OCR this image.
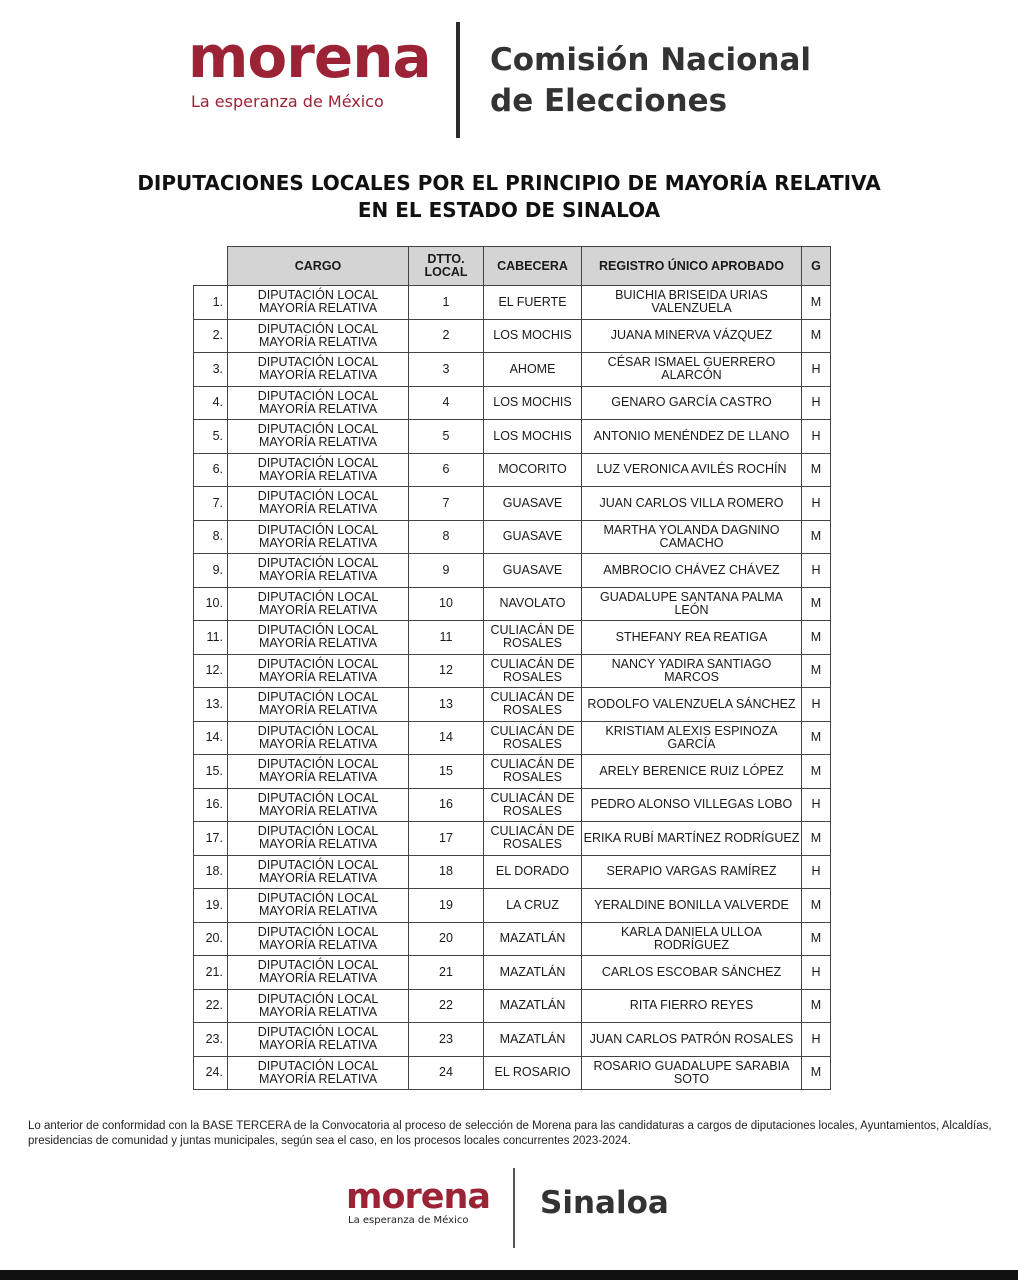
morena
La esperanza de México
Comisión Nacional
de Elecciones
DIPUTACIONES LOCALES POR EL PRINCIPIO DE MAYORÍA RELATIVA
EN EL ESTADO DE SINALOA
	CARGO	DTTO. LOCAL	CABECERA	REGISTRO ÚNICO APROBADO	G
1.	DIPUTACIÓN LOCAL MAYORÍA RELATIVA	1	EL FUERTE	BUICHIA BRISEIDA URIAS VALENZUELA	M
2.	DIPUTACIÓN LOCAL MAYORÍA RELATIVA	2	LOS MOCHIS	JUANA MINERVA VÁZQUEZ	M
3.	DIPUTACIÓN LOCAL MAYORÍA RELATIVA	3	AHOME	CÉSAR ISMAEL GUERRERO ALARCÓN	H
4.	DIPUTACIÓN LOCAL MAYORÍA RELATIVA	4	LOS MOCHIS	GENARO GARCÍA CASTRO	H
5.	DIPUTACIÓN LOCAL MAYORÍA RELATIVA	5	LOS MOCHIS	ANTONIO MENÉNDEZ DE LLANO	H
6.	DIPUTACIÓN LOCAL MAYORÍA RELATIVA	6	MOCORITO	LUZ VERONICA AVILÉS ROCHÍN	M
7.	DIPUTACIÓN LOCAL MAYORÍA RELATIVA	7	GUASAVE	JUAN CARLOS VILLA ROMERO	H
8.	DIPUTACIÓN LOCAL MAYORÍA RELATIVA	8	GUASAVE	MARTHA YOLANDA DAGNINO CAMACHO	M
9.	DIPUTACIÓN LOCAL MAYORÍA RELATIVA	9	GUASAVE	AMBROCIO CHÁVEZ CHÁVEZ	H
10.	DIPUTACIÓN LOCAL MAYORÍA RELATIVA	10	NAVOLATO	GUADALUPE SANTANA PALMA LEÓN	M
11.	DIPUTACIÓN LOCAL MAYORÍA RELATIVA	11	CULIACÁN DE ROSALES	STHEFANY REA REATIGA	M
12.	DIPUTACIÓN LOCAL MAYORÍA RELATIVA	12	CULIACÁN DE ROSALES	NANCY YADIRA SANTIAGO MARCOS	M
13.	DIPUTACIÓN LOCAL MAYORÍA RELATIVA	13	CULIACÁN DE ROSALES	RODOLFO VALENZUELA SÁNCHEZ	H
14.	DIPUTACIÓN LOCAL MAYORÍA RELATIVA	14	CULIACÁN DE ROSALES	KRISTIAM ALEXIS ESPINOZA GARCÍA	M
15.	DIPUTACIÓN LOCAL MAYORÍA RELATIVA	15	CULIACÁN DE ROSALES	ARELY BERENICE RUIZ LÓPEZ	M
16.	DIPUTACIÓN LOCAL MAYORÍA RELATIVA	16	CULIACÁN DE ROSALES	PEDRO ALONSO VILLEGAS LOBO	H
17.	DIPUTACIÓN LOCAL MAYORÍA RELATIVA	17	CULIACÁN DE ROSALES	ERIKA RUBÍ MARTÍNEZ RODRÍGUEZ	M
18.	DIPUTACIÓN LOCAL MAYORÍA RELATIVA	18	EL DORADO	SERAPIO VARGAS RAMÍREZ	H
19.	DIPUTACIÓN LOCAL MAYORÍA RELATIVA	19	LA CRUZ	YERALDINE BONILLA VALVERDE	M
20.	DIPUTACIÓN LOCAL MAYORÍA RELATIVA	20	MAZATLÁN	KARLA DANIELA ULLOA RODRÍGUEZ	M
21.	DIPUTACIÓN LOCAL MAYORÍA RELATIVA	21	MAZATLÁN	CARLOS ESCOBAR SÁNCHEZ	H
22.	DIPUTACIÓN LOCAL MAYORÍA RELATIVA	22	MAZATLÁN	RITA FIERRO REYES	M
23.	DIPUTACIÓN LOCAL MAYORÍA RELATIVA	23	MAZATLÁN	JUAN CARLOS PATRÓN ROSALES	H
24.	DIPUTACIÓN LOCAL MAYORÍA RELATIVA	24	EL ROSARIO	ROSARIO GUADALUPE SARABIA SOTO	M
Lo anterior de conformidad con la BASE TERCERA de la Convocatoria al proceso de selección de Morena para las candidaturas a cargos de diputaciones locales, Ayuntamientos, Alcaldías, presidencias de comunidad y juntas municipales, según sea el caso, en los procesos locales concurrentes 2023-2024.
morena
La esperanza de México Sinaloa
